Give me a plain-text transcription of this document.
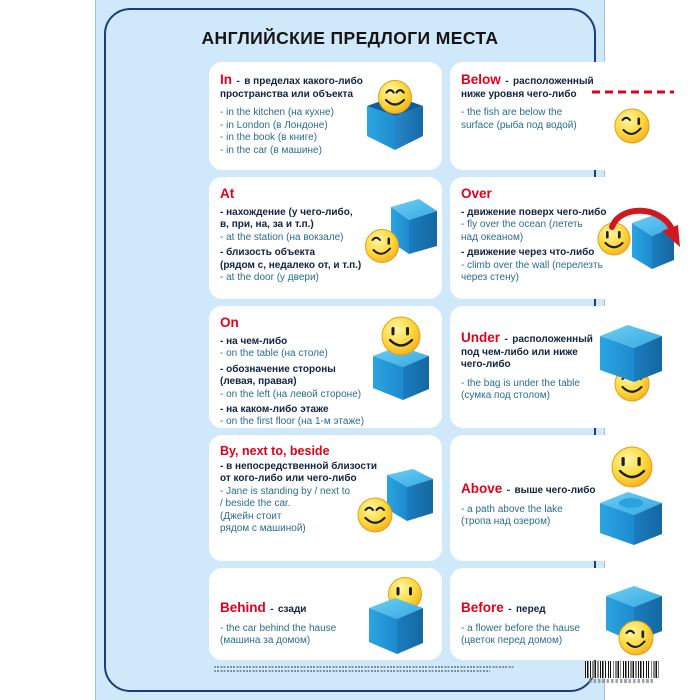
АНГЛИЙСКИЕ ПРЕДЛОГИ МЕСТА
In - в пределах какого-либо
пространства или объекта
- in the kitchen (на кухне)
- in London (в Лондоне)
- in the book (в книге)
- in the car (в машине)
Below - расположенный
ниже уровня чего-либо
- the fish are below the
surface (рыба под водой)
At
- нахождение (у чего-либо,
в, при, на, за и т.п.)
- at the station (на вокзале)
- близость объекта
(рядом с, недалеко от, и т.п.)
- at the door (у двери)
Over
- движение поверх чего-либо
- fly over the ocean (лететь
над океаном)
- движение через что-либо
- climb over the wall (перелезть
через стену)
On
- на чем-либо
- on the table (на столе)
- обозначение стороны
(левая, правая)
- on the left (на левой стороне)
- на каком-либо этаже
- on the first floor (на 1-м этаже)
Under - расположенный
под чем-либо или ниже
чего-либо
- the bag is under the table
(сумка под столом)
By, next to, beside
- в непосредственной близости
от кого-либо или чего-либо
- Jane is standing by / next to
/ beside the car.
(Джейн стоит
рядом с машиной)
Above - выше чего-либо
- a path above the lake
(тропа над озером)
Behind - сзади
- the car behind the hause
(машина за домом)
Before - перед
- a flower before the hause
(цветок перед домом)
